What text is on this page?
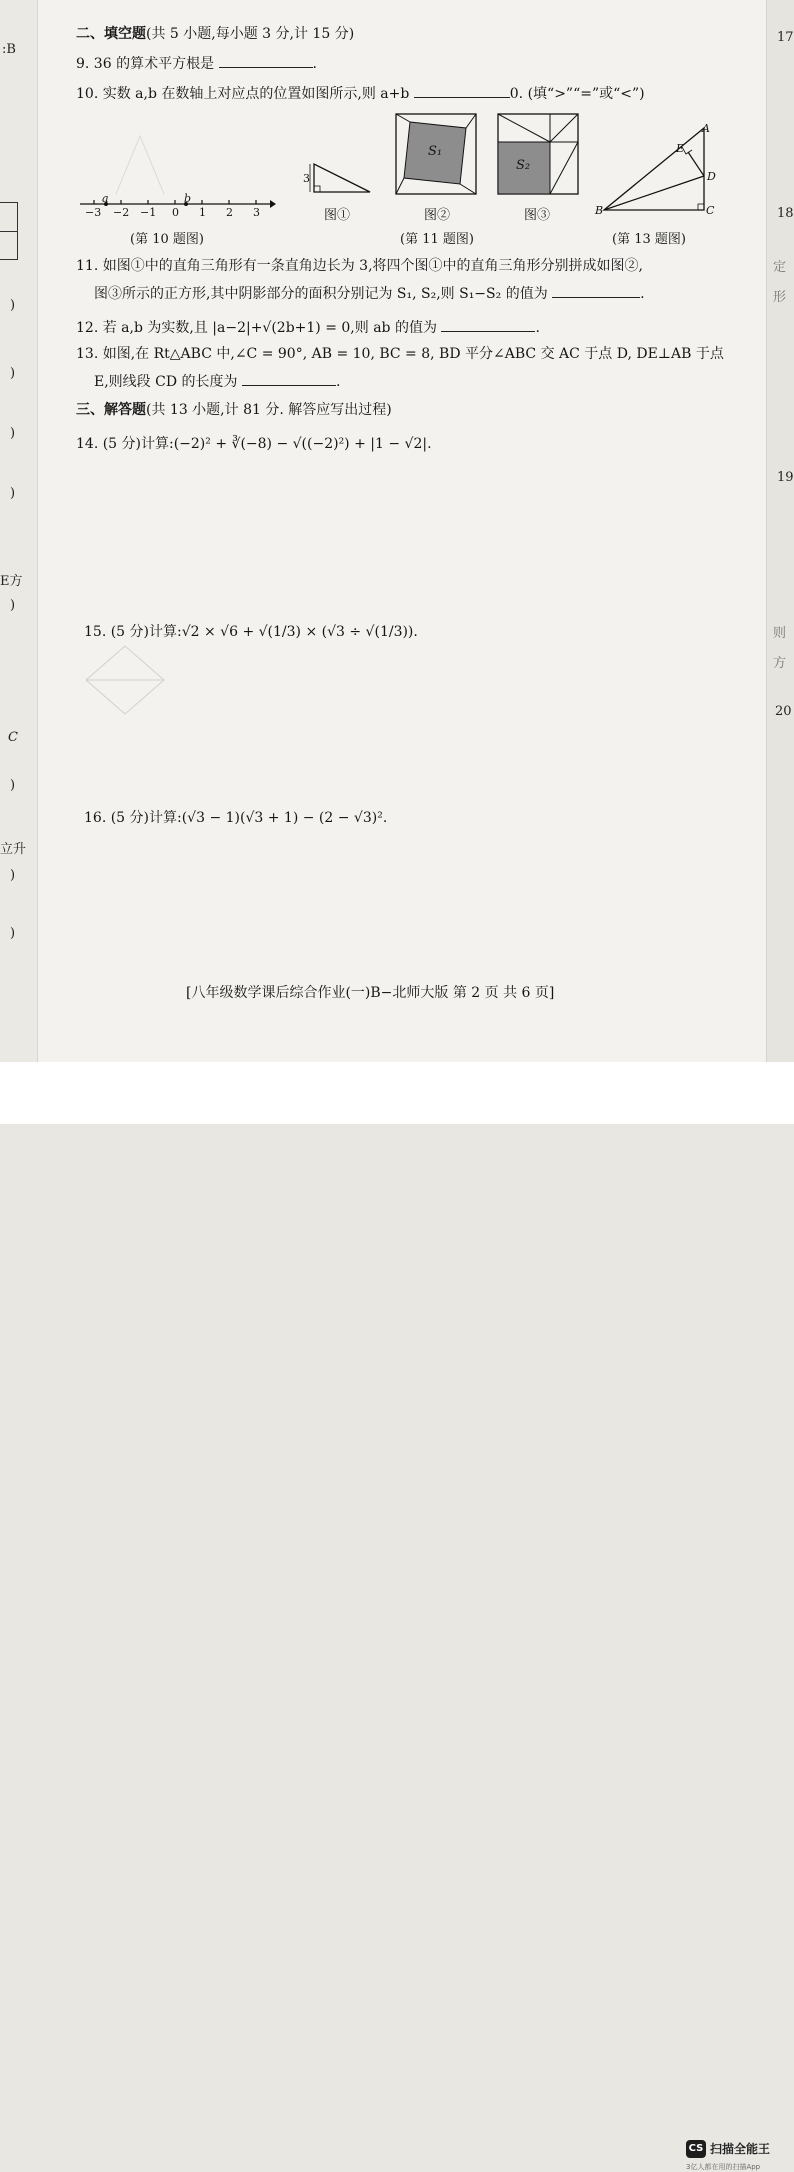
:B
)
)
)
)
E方
)
C
)
立升
)
)
17
18
定
形
19
则
方
20
二、填空题(共 5 小题,每小题 3 分,计 15 分)
9. 36 的算术平方根是	.
10. 实数 a,b 在数轴上对应点的位置如图所示,则 a+b	0. (填“>”“=”或“<”)
a	b
−3 −2 −1 0 1 2 3
(第 10 题图)
3
图①
S₁
图②
S₂
图③
(第 11 题图)
A
E
D
B	C
(第 13 题图)
11. 如图①中的直角三角形有一条直角边长为 3,将四个图①中的直角三角形分别拼成如图②,
图③所示的正方形,其中阴影部分的面积分别记为 S₁, S₂,则 S₁−S₂ 的值为	.
12. 若 a,b 为实数,且 |a−2|+√(2b+1) = 0,则 ab 的值为	.
13. 如图,在 Rt△ABC 中,∠C = 90°, AB = 10, BC = 8, BD 平分∠ABC 交 AC 于点 D, DE⊥AB 于点
E,则线段 CD 的长度为	.
三、解答题(共 13 小题,计 81 分. 解答应写出过程)
14. (5 分)计算:(−2)² + ∛(−8) − √((−2)²) + |1 − √2|.
15. (5 分)计算:√2 × √6 + √(1/3) × (√3 ÷ √(1/3)).
16. (5 分)计算:(√3 − 1)(√3 + 1) − (2 − √3)².
[八年级数学课后综合作业(一)B−北师大版 第 2 页 共 6 页]
CS 扫描全能王
3亿人都在用的扫描App
